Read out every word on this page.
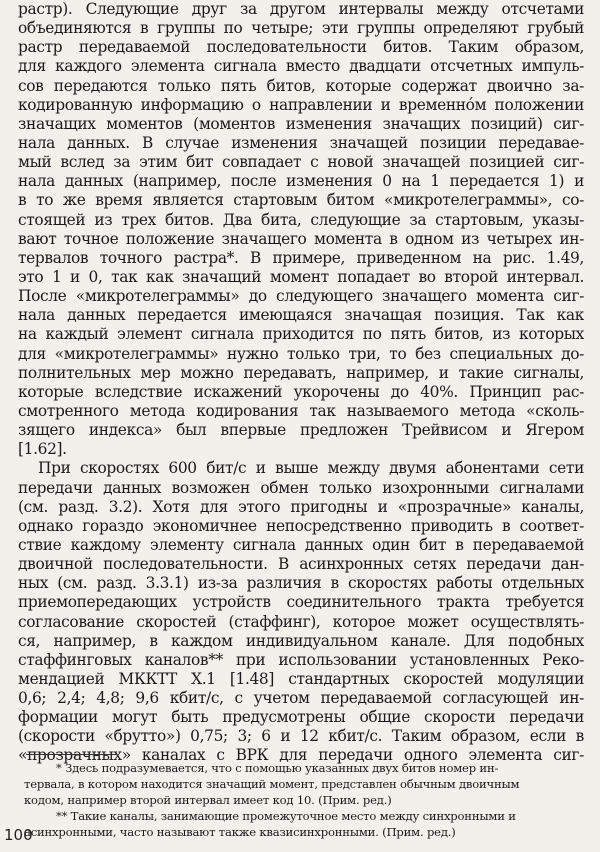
растр). Следующие друг за другом интервалы между отсчетами
объединяются в группы по четыре; эти группы определяют грубый
растр передаваемой последовательности битов. Таким образом,
для каждого элемента сигнала вместо двадцати отсчетных импуль-
сов передаются только пять битов, которые содержат двоично за-
кодированную информацию о направлении и временно́м положении
значащих моментов (моментов изменения значащих позиций) сиг-
нала данных. В случае изменения значащей позиции передавае-
мый вслед за этим бит совпадает с новой значащей позицией сиг-
нала данных (например, после изменения 0 на 1 передается 1) и
в то же время является стартовым битом «микротелеграммы», со-
стоящей из трех битов. Два бита, следующие за стартовым, указы-
вают точное положение значащего момента в одном из четырех ин-
тервалов точного растра*. В примере, приведенном на рис. 1.49,
это 1 и 0, так как значащий момент попадает во второй интервал.
После «микротелеграммы» до следующего значащего момента сиг-
нала данных передается имеющаяся значащая позиция. Так как
на каждый элемент сигнала приходится по пять битов, из которых
для «микротелеграммы» нужно только три, то без специальных до-
полнительных мер можно передавать, например, и такие сигналы,
которые вследствие искажений укорочены до 40%. Принцип рас-
смотренного метода кодирования так называемого метода «сколь-
зящего индекса» был впервые предложен Трейвисом и Ягером
[1.62].
При скоростях 600 бит/с и выше между двумя абонентами сети
передачи данных возможен обмен только изохронными сигналами
(см. разд. 3.2). Хотя для этого пригодны и «прозрачные» каналы,
однако гораздо экономичнее непосредственно приводить в соответ-
ствие каждому элементу сигнала данных один бит в передаваемой
двоичной последовательности. В асинхронных сетях передачи дан-
ных (см. разд. 3.3.1) из-за различия в скоростях работы отдельных
приемопередающих устройств соединительного тракта требуется
согласование скоростей (стаффинг), которое может осуществлять-
ся, например, в каждом индивидуальном канале. Для подобных
стаффинговых каналов** при использовании установленных Реко-
мендацией МККТТ X.1 [1.48] стандартных скоростей модуляции
0,6; 2,4; 4,8; 9,6 кбит/с, с учетом передаваемой согласующей ин-
формации могут быть предусмотрены общие скорости передачи
(скорости «брутто») 0,75; 3; 6 и 12 кбит/с. Таким образом, если в
«прозрачных» каналах с ВРК для передачи одного элемента сиг-
* Здесь подразумевается, что с помощью указанных двух битов номер ин-
тервала, в котором находится значащий момент, представлен обычным двоичным
кодом, например второй интервал имеет код 10. (Прим. ред.)
** Такие каналы, занимающие промежуточное место между синхронными и
асинхронными, часто называют также квазисинхронными. (Прим. ред.)
100
